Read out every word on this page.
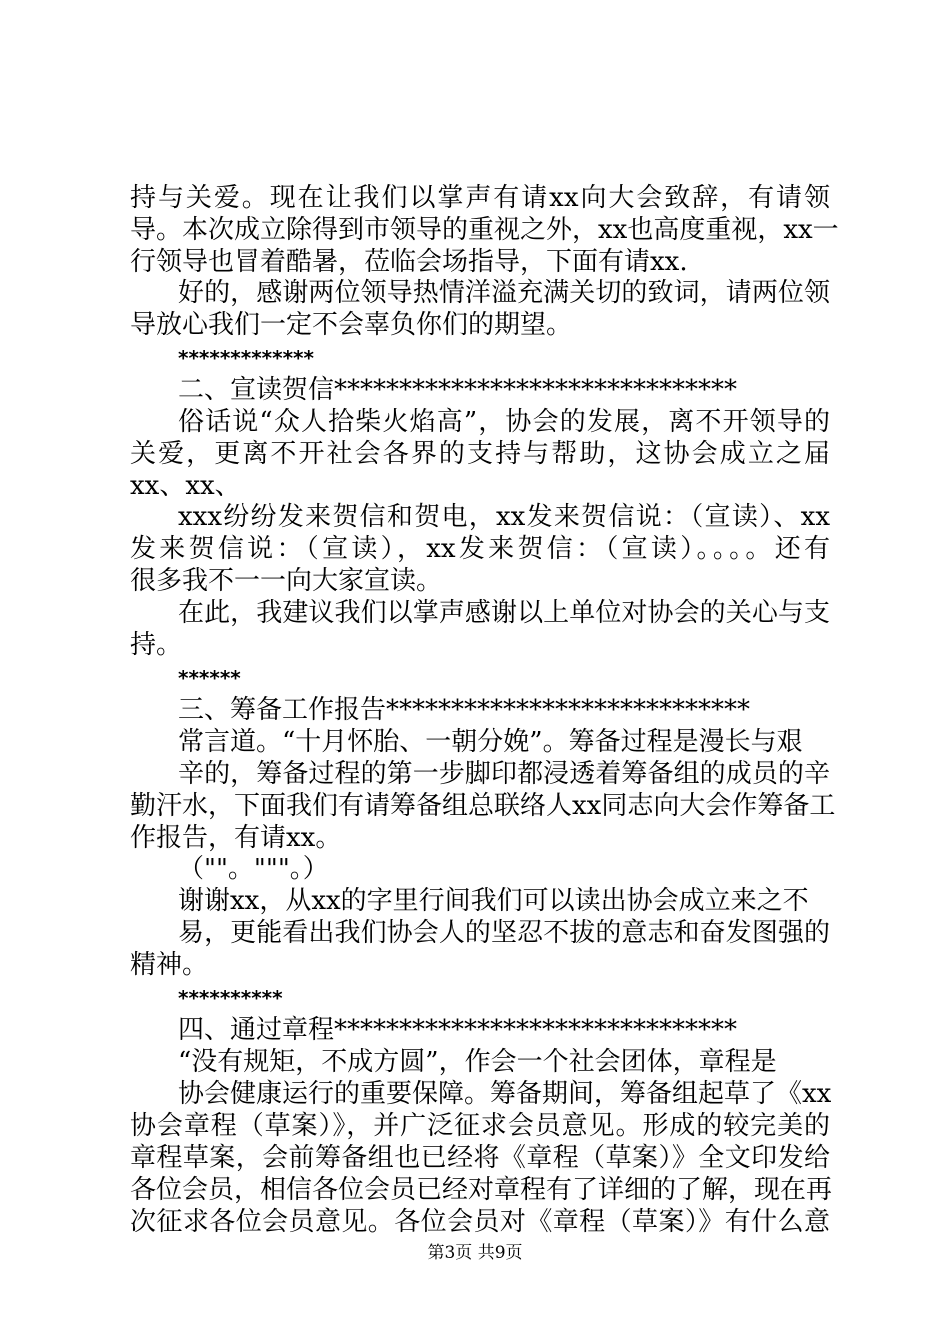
持与关爱。现在让我们以掌声有请xx向大会致辞，有请领
导。本次成立除得到市领导的重视之外，xx也高度重视，xx一
行领导也冒着酷暑，莅临会场指导，下面有请xx.
好的，感谢两位领导热情洋溢充满关切的致词，请两位领
导放心我们一定不会辜负你们的期望。
*************
二、宣读贺信*******************************
俗话说“众人拾柴火焰高”，协会的发展，离不开领导的
关爱，更离不开社会各界的支持与帮助，这协会成立之届
xx、xx、
xxx纷纷发来贺信和贺电，xx发来贺信说：（宣读）、xx
发来贺信说：（宣读），xx发来贺信：（宣读）。。。。还有
很多我不一一向大家宣读。
在此，我建议我们以掌声感谢以上单位对协会的关心与支
持。
******
三、筹备工作报告****************************
常言道。“十月怀胎、一朝分娩”。筹备过程是漫长与艰
辛的，筹备过程的第一步脚印都浸透着筹备组的成员的辛
勤汗水，下面我们有请筹备组总联络人xx同志向大会作筹备工
作报告，有请xx。
（""。"""。）
谢谢xx，从xx的字里行间我们可以读出协会成立来之不
易，更能看出我们协会人的坚忍不拔的意志和奋发图强的
精神。
**********
四、通过章程*******************************
“没有规矩，不成方圆”，作会一个社会团体，章程是
协会健康运行的重要保障。筹备期间，筹备组起草了《xx
协会章程（草案）》，并广泛征求会员意见。形成的较完美的
章程草案，会前筹备组也已经将《章程（草案）》全文印发给
各位会员，相信各位会员已经对章程有了详细的了解，现在再
次征求各位会员意见。各位会员对《章程（草案）》有什么意
第3页 共9页
